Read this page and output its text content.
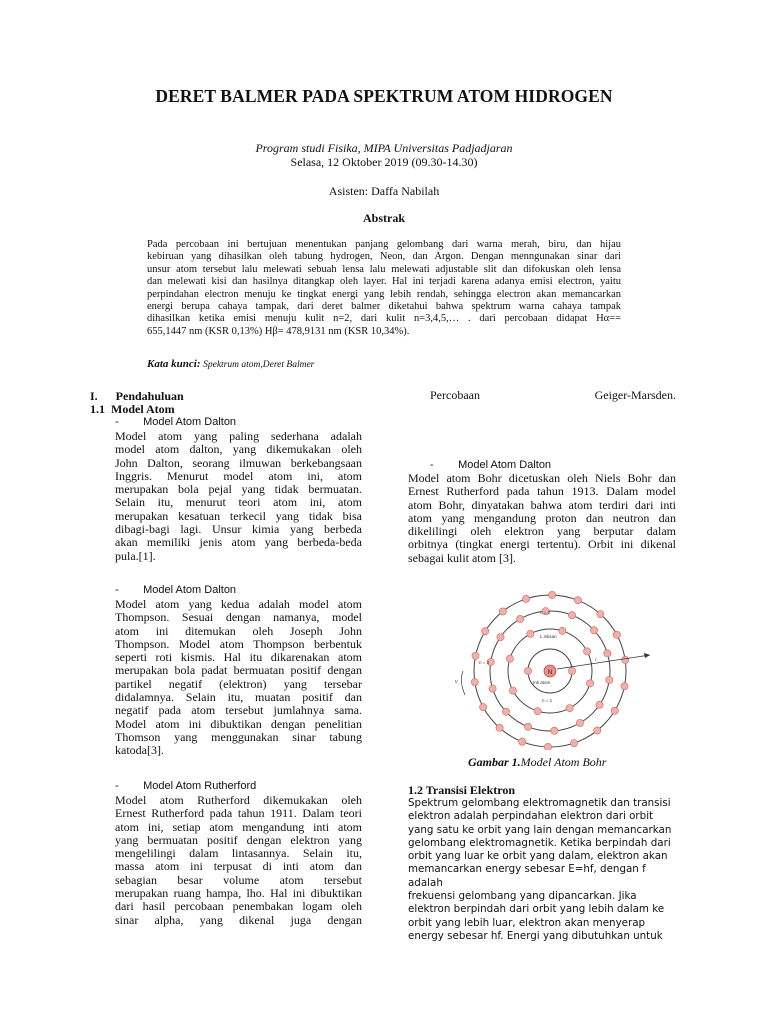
DERET BALMER PADA SPEKTRUM ATOM HIDROGEN
Program studi Fisika, MIPA Universitas Padjadjaran
Selasa, 12 Oktober 2019 (09.30-14.30)
Asisten: Daffa Nabilah
Abstrak
Pada percobaan ini bertujuan menentukan panjang gelombang dari warna merah, biru, dan hijau
kebiruan yang dihasilkan oleh tabung hydrogen, Neon, dan Argon. Dengan menngunakan sinar dari
unsur atom tersebut lalu melewati sebuah lensa lalu melewati adjustable slit dan difokuskan oleh lensa
dan melewati kisi dan hasilnya ditangkap oleh layer. Hal ini terjadi karena adanya emisi electron, yaitu
perpindahan electron menuju ke tingkat energi yang lebih rendah, sehingga electron akan memancarkan
energi berupa cahaya tampak, dari deret balmer diketahui bahwa spektrum warna cahaya tampak
dihasilkan ketika emisi menuju kulit n=2, dari kulit n=3,4,5,… . dari percobaan didapat Hα==
655,1447 nm (KSR 0,13%) Hβ= 478,9131 nm (KSR 10,34%).
Kata kunci: Spektrum atom,Deret Balmer
I.      Pendahuluan
1.1  Model Atom
-        Model Atom Dalton
Model atom yang paling sederhana adalah
model atom dalton, yang dikemukakan oleh
John Dalton, seorang ilmuwan berkebangsaan
Inggris. Menurut model atom ini, atom
merupakan bola pejal yang tidak bermuatan.
Selain itu, menurut teori atom ini, atom
merupakan kesatuan terkecil yang tidak bisa
dibagi-bagi lagi. Unsur kimia yang berbeda
akan memiliki jenis atom yang berbeda-beda
pula.[1].
-        Model Atom Dalton
Model atom yang kedua adalah model atom
Thompson. Sesuai dengan namanya, model
atom ini ditemukan oleh Joseph John
Thompson. Model atom Thompson berbentuk
seperti roti kismis. Hal itu dikarenakan atom
merupakan bola padat bermuatan positif dengan
partikel negatif (elektron) yang tersebar
didalamnya. Selain itu, muatan positif dan
negatif pada atom tersebut jumlahnya sama.
Model atom ini dibuktikan dengan penelitian
Thomson yang menggunakan sinar tabung
katoda[3].
-        Model Atom Rutherford
Model atom Rutherford dikemukakan oleh
Ernest Rutherford pada tahun 1911. Dalam teori
atom ini, setiap atom mengandung inti atom
yang bermuatan positif dengan elektron yang
mengelilingi dalam lintasannya. Selain itu,
massa atom ini terpusat di inti atom dan
sebagian besar volume atom tersebut
merupakan ruang hampa, lho. Hal ini dibuktikan
dari hasil percobaan penembakan logam oleh
sinar alpha, yang dikenal juga dengan
Percobaan	Geiger-Marsden.
-        Model Atom Dalton
Model atom Bohr dicetuskan oleh Niels Bohr dan
Ernest Rutherford pada tahun 1913. Dalam model
atom Bohr, dinyatakan bahwa atom terdiri dari inti
atom yang mengandung proton dan neutron dan
dikelilingi oleh elektron yang berputar dalam
orbitnya (tingkat energi tertentu). Orbit ini dikenal
sebagai kulit atom [3].
N
Inti atom
L intisan
n = 1
n = 2
n = 3
r
v
Gambar 1.Model Atom Bohr
1.2 Transisi Elektron
Spektrum gelombang elektromagnetik dan transisi
elektron adalah perpindahan elektron dari orbit
yang satu ke orbit yang lain dengan memancarkan
gelombang elektromagnetik. Ketika berpindah dari
orbit yang luar ke orbit yang dalam, elektron akan
memancarkan energy sebesar E=hf, dengan f adalah
frekuensi gelombang yang dipancarkan. Jika
elektron berpindah dari orbit yang lebih dalam ke
orbit yang lebih luar, elektron akan menyerap
energy sebesar hf. Energi yang dibutuhkan untuk
